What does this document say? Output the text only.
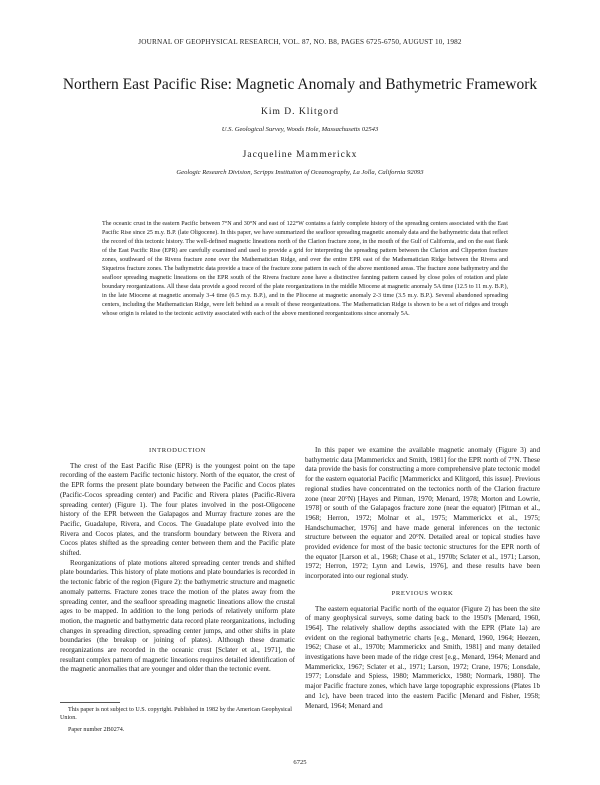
JOURNAL OF GEOPHYSICAL RESEARCH, VOL. 87, NO. B8, PAGES 6725-6750, AUGUST 10, 1982
Northern East Pacific Rise: Magnetic Anomaly and Bathymetric Framework
Kim D. Klitgord
U.S. Geological Survey, Woods Hole, Massachusetts 02543
Jacqueline Mammerickx
Geologic Research Division, Scripps Institution of Oceanography, La Jolla, California 92093

The oceanic crust in the eastern Pacific between 7°N and 30°N and east of 122°W contains a fairly complete history of the spreading centers associated with the East Pacific Rise since 25 m.y. B.P. (late Oligocene). In this paper, we have summarized the seafloor spreading magnetic anomaly data and the bathymetric data that reflect the record of this tectonic history. The well-defined magnetic lineations north of the Clarion fracture zone, in the mouth of the Gulf of California, and on the east flank of the East Pacific Rise (EPR) are carefully examined and used to provide a grid for interpreting the spreading pattern between the Clarion and Clipperton fracture zones, southward of the Rivera fracture zone over the Mathematician Ridge, and over the entire EPR east of the Mathematician Ridge between the Rivera and Siqueiros fracture zones. The bathymetric data provide a trace of the fracture zone pattern in each of the above mentioned areas. The fracture zone bathymetry and the seafloor spreading magnetic lineations on the EPR south of the Rivera fracture zone have a distinctive fanning pattern caused by close poles of rotation and plate boundary reorganizations. All these data provide a good record of the plate reorganizations in the middle Miocene at magnetic anomaly 5A time (12.5 to 11 m.y. B.P.), in the late Miocene at magnetic anomaly 3-4 time (6.5 m.y. B.P.), and in the Pliocene at magnetic anomaly 2-3 time (3.5 m.y. B.P.). Several abandoned spreading centers, including the Mathematician Ridge, were left behind as a result of these reorganizations. The Mathematician Ridge is shown to be a set of ridges and trough whose origin is related to the tectonic activity associated with each of the above mentioned reorganizations since anomaly 5A.

INTRODUCTION

The crest of the East Pacific Rise (EPR) is the youngest point on the tape recording of the eastern Pacific tectonic history. North of the equator, the crest of the EPR forms the present plate boundary between the Pacific and Cocos plates (Pacific-Cocos spreading center) and Pacific and Rivera plates (Pacific-Rivera spreading center) (Figure 1). The four plates involved in the post-Oligocene history of the EPR between the Galapagos and Murray fracture zones are the Pacific, Guadalupe, Rivera, and Cocos. The Guadalupe plate evolved into the Rivera and Cocos plates, and the transform boundary between the Rivera and Cocos plates shifted as the spreading center between them and the Pacific plate shifted.

Reorganizations of plate motions altered spreading center trends and shifted plate boundaries. This history of plate motions and plate boundaries is recorded in the tectonic fabric of the region (Figure 2): the bathymetric structure and magnetic anomaly patterns. Fracture zones trace the motion of the plates away from the spreading center, and the seafloor spreading magnetic lineations allow the crustal ages to be mapped. In addition to the long periods of relatively uniform plate motion, the magnetic and bathymetric data record plate reorganizations, including changes in spreading direction, spreading center jumps, and other shifts in plate boundaries (the breakup or joining of plates). Although these dramatic reorganizations are recorded in the oceanic crust [Sclater et al., 1971], the resultant complex pattern of magnetic lineations requires detailed identification of the magnetic anomalies that are younger and older than the tectonic event.

In this paper we examine the available magnetic anomaly (Figure 3) and bathymetric data [Mammerickx and Smith, 1981] for the EPR north of 7°N. These data provide the basis for constructing a more comprehensive plate tectonic model for the eastern equatorial Pacific [Mammerickx and Klitgord, this issue]. Previous regional studies have concentrated on the tectonics north of the Clarion fracture zone (near 20°N) [Hayes and Pitman, 1970; Menard, 1978; Morton and Lowrie, 1978] or south of the Galapagos fracture zone (near the equator) [Pitman et al., 1968; Herron, 1972; Molnar et al., 1975; Mammerickx et al., 1975; Handschumacher, 1976] and have made general inferences on the tectonic structure between the equator and 20°N. Detailed areal or topical studies have provided evidence for most of the basic tectonic structures for the EPR north of the equator [Larson et al., 1968; Chase et al., 1970b; Sclater et al., 1971; Larson, 1972; Herron, 1972; Lynn and Lewis, 1976], and these results have been incorporated into our regional study.

PREVIOUS WORK

The eastern equatorial Pacific north of the equator (Figure 2) has been the site of many geophysical surveys, some dating back to the 1950's [Menard, 1960, 1964]. The relatively shallow depths associated with the EPR (Plate 1a) are evident on the regional bathymetric charts [e.g., Menard, 1960, 1964; Heezen, 1962; Chase et al., 1970b; Mammerickx and Smith, 1981] and many detailed investigations have been made of the ridge crest [e.g., Menard, 1964; Menard and Mammerickx, 1967; Sclater et al., 1971; Larson, 1972; Crane, 1976; Lonsdale, 1977; Lonsdale and Spiess, 1980; Mammerickx, 1980; Normark, 1980]. The major Pacific fracture zones, which have large topographic expressions (Plates 1b and 1c), have been traced into the eastern Pacific [Menard and Fisher, 1958; Menard, 1964; Menard and

This paper is not subject to U.S. copyright. Published in 1982 by the American Geophysical Union.

Paper number 2B0274.

6725
